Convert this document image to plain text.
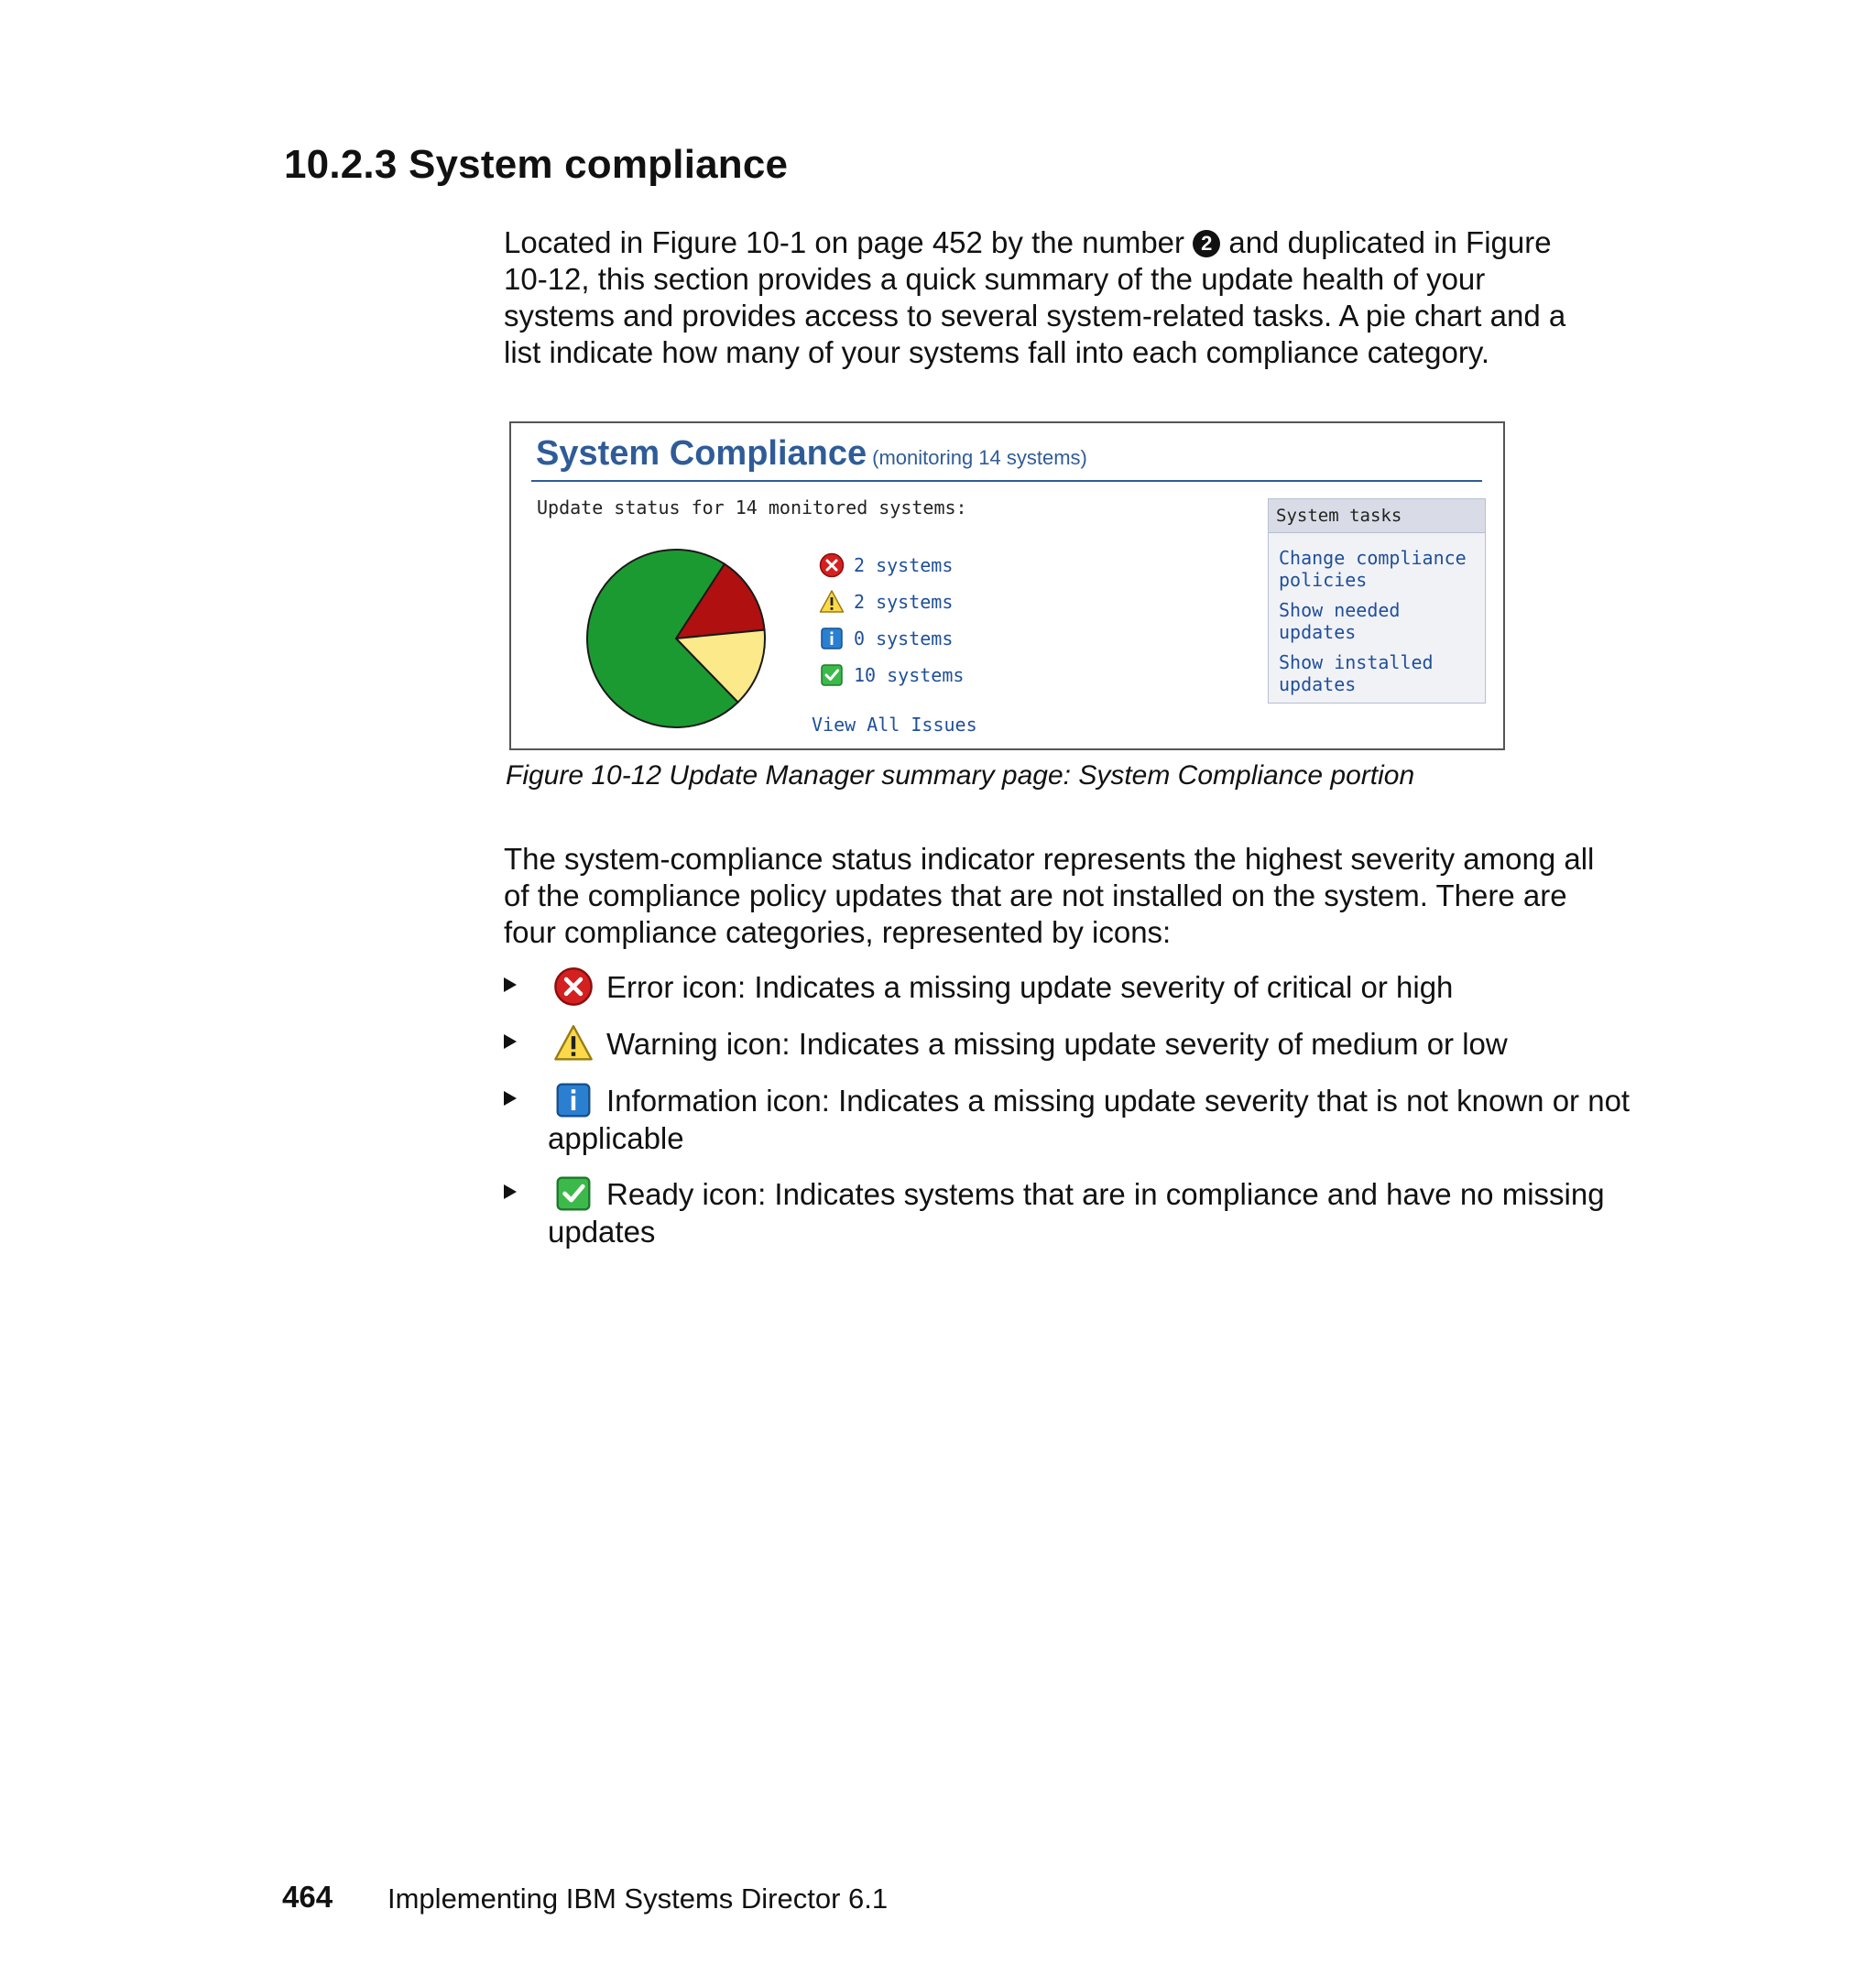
10.2.3 System compliance
Located in Figure 10-1 on page 452 by the number 2 and duplicated in Figure 10-12, this section provides a quick summary of the update health of your systems and provides access to several system-related tasks. A pie chart and a list indicate how many of your systems fall into each compliance category.
System Compliance (monitoring 14 systems)
Update status for 14 monitored systems:
2 systems
2 systems
0 systems
10 systems
View All Issues
System tasks
Change compliance policies
Show needed updates
Show installed updates
Figure 10-12 Update Manager summary page: System Compliance portion
The system-compliance status indicator represents the highest severity among all of the compliance policy updates that are not installed on the system. There are four compliance categories, represented by icons:
Error icon: Indicates a missing update severity of critical or high
Warning icon: Indicates a missing update severity of medium or low
Information icon: Indicates a missing update severity that is not known or not applicable
Ready icon: Indicates systems that are in compliance and have no missing updates
464 Implementing IBM Systems Director 6.1
